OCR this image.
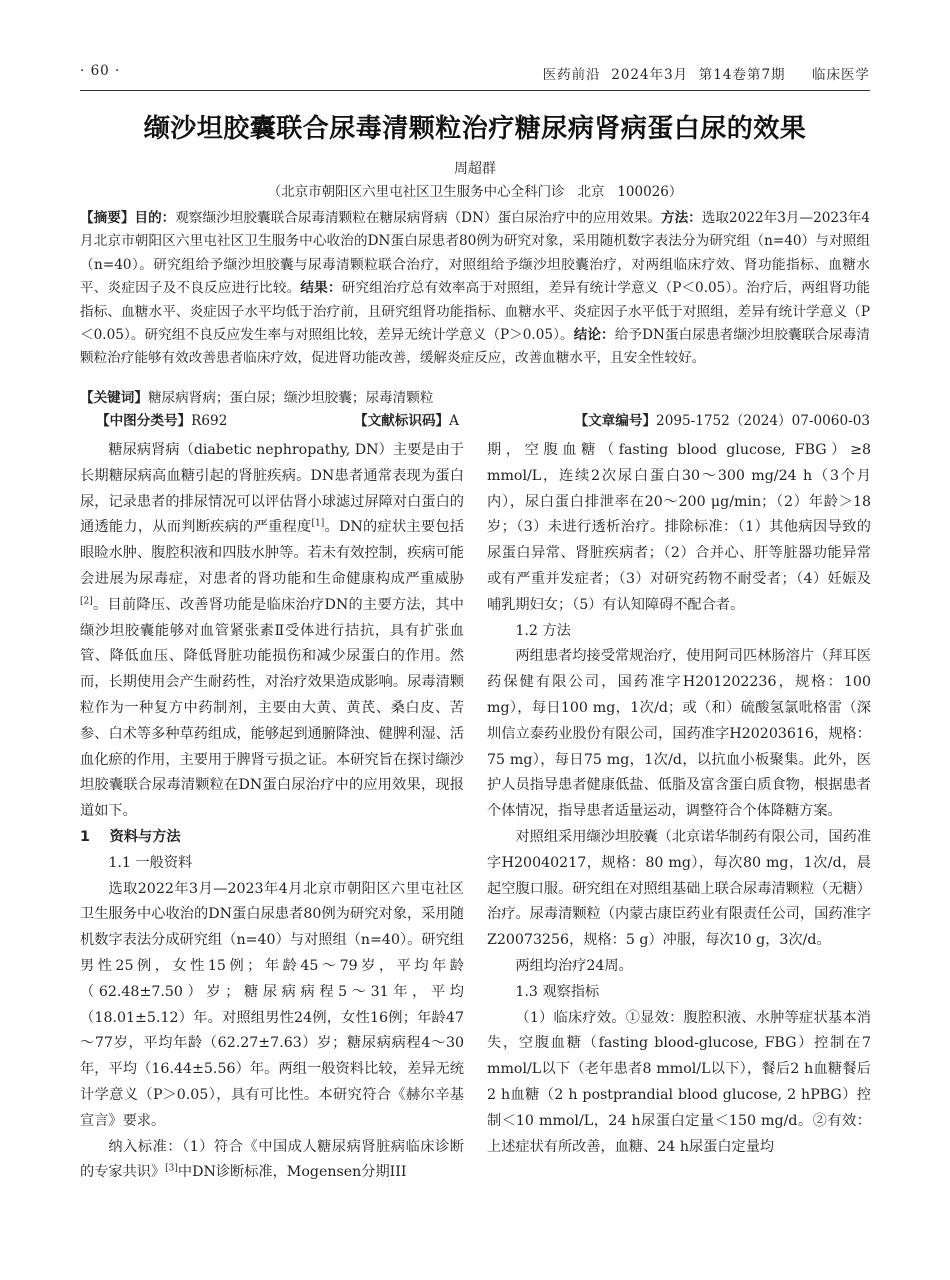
· 60 ·	医药前沿  2024年3月  第14卷第7期     临床医学
缬沙坦胶囊联合尿毒清颗粒治疗糖尿病肾病蛋白尿的效果
周超群
（北京市朝阳区六里屯社区卫生服务中心全科门诊   北京   100026）
【摘要】目的：观察缬沙坦胶囊联合尿毒清颗粒在糖尿病肾病（DN）蛋白尿治疗中的应用效果。方法：选取2022年3月—2023年4月北京市朝阳区六里屯社区卫生服务中心收治的DN蛋白尿患者80例为研究对象，采用随机数字表法分为研究组（n=40）与对照组（n=40）。研究组给予缬沙坦胶囊与尿毒清颗粒联合治疗，对照组给予缬沙坦胶囊治疗，对两组临床疗效、肾功能指标、血糖水平、炎症因子及不良反应进行比较。结果：研究组治疗总有效率高于对照组，差异有统计学意义（P＜0.05）。治疗后，两组肾功能指标、血糖水平、炎症因子水平均低于治疗前，且研究组肾功能指标、血糖水平、炎症因子水平低于对照组，差异有统计学意义（P＜0.05）。研究组不良反应发生率与对照组比较，差异无统计学意义（P＞0.05）。结论：给予DN蛋白尿患者缬沙坦胶囊联合尿毒清颗粒治疗能够有效改善患者临床疗效，促进肾功能改善，缓解炎症反应，改善血糖水平，且安全性较好。
【关键词】糖尿病肾病；蛋白尿；缬沙坦胶囊；尿毒清颗粒
【中图分类号】R692	【文献标识码】A	【文章编号】2095-1752（2024）07-0060-03

糖尿病肾病（diabetic nephropathy, DN）主要是由于长期糖尿病高血糖引起的肾脏疾病。DN患者通常表现为蛋白尿，记录患者的排尿情况可以评估肾小球滤过屏障对白蛋白的通透能力，从而判断疾病的严重程度[1]。DN的症状主要包括眼睑水肿、腹腔积液和四肢水肿等。若未有效控制，疾病可能会进展为尿毒症，对患者的肾功能和生命健康构成严重威胁[2]。目前降压、改善肾功能是临床治疗DN的主要方法，其中缬沙坦胶囊能够对血管紧张素Ⅱ受体进行拮抗，具有扩张血管、降低血压、降低肾脏功能损伤和减少尿蛋白的作用。然而，长期使用会产生耐药性，对治疗效果造成影响。尿毒清颗粒作为一种复方中药制剂，主要由大黄、黄芪、桑白皮、苦参、白术等多种草药组成，能够起到通腑降浊、健脾利湿、活血化瘀的作用，主要用于脾肾亏损之证。本研究旨在探讨缬沙坦胶囊联合尿毒清颗粒在DN蛋白尿治疗中的应用效果，现报道如下。

1    资料与方法

1.1 一般资料

选取2022年3月—2023年4月北京市朝阳区六里屯社区卫生服务中心收治的DN蛋白尿患者80例为研究对象，采用随机数字表法分成研究组（n=40）与对照组（n=40）。研究组男性25例，女性15例；年龄45～79岁，平均年龄（62.48±7.50）岁；糖尿病病程5～31年，平均（18.01±5.12）年。对照组男性24例，女性16例；年龄47～77岁，平均年龄（62.27±7.63）岁；糖尿病病程4～30年，平均（16.44±5.56）年。两组一般资料比较，差异无统计学意义（P＞0.05），具有可比性。本研究符合《赫尔辛基宣言》要求。

纳入标准：（1）符合《中国成人糖尿病肾脏病临床诊断的专家共识》[3]中DN诊断标准，Mogensen分期III

期，空腹血糖（fasting blood glucose, FBG）≥8 mmol/L，连续2次尿白蛋白30～300 mg/24 h（3个月内），尿白蛋白排泄率在20～200 μg/min；（2）年龄＞18岁；（3）未进行透析治疗。排除标准：（1）其他病因导致的尿蛋白异常、肾脏疾病者；（2）合并心、肝等脏器功能异常或有严重并发症者；（3）对研究药物不耐受者；（4）妊娠及哺乳期妇女；（5）有认知障碍不配合者。

1.2 方法

两组患者均接受常规治疗，使用阿司匹林肠溶片（拜耳医药保健有限公司，国药准字H201202236，规格：100 mg），每日100 mg，1次/d；或（和）硫酸氢氯吡格雷（深圳信立泰药业股份有限公司，国药准字H20203616，规格：75 mg），每日75 mg，1次/d，以抗血小板聚集。此外，医护人员指导患者健康低盐、低脂及富含蛋白质食物，根据患者个体情况，指导患者适量运动，调整符合个体降糖方案。

对照组采用缬沙坦胶囊（北京诺华制药有限公司，国药准字H20040217，规格：80 mg），每次80 mg，1次/d，晨起空腹口服。研究组在对照组基础上联合尿毒清颗粒（无糖）治疗。尿毒清颗粒（内蒙古康臣药业有限责任公司，国药准字Z20073256，规格：5 g）冲服，每次10 g，3次/d。

两组均治疗24周。

1.3 观察指标

（1）临床疗效。①显效：腹腔积液、水肿等症状基本消失，空腹血糖（fasting blood-glucose, FBG）控制在7 mmol/L以下（老年患者8 mmol/L以下），餐后2 h血糖餐后2 h血糖（2 h postprandial blood glucose, 2 hPBG）控制＜10 mmol/L，24 h尿蛋白定量＜150 mg/d。②有效：上述症状有所改善，血糖、24 h尿蛋白定量均
